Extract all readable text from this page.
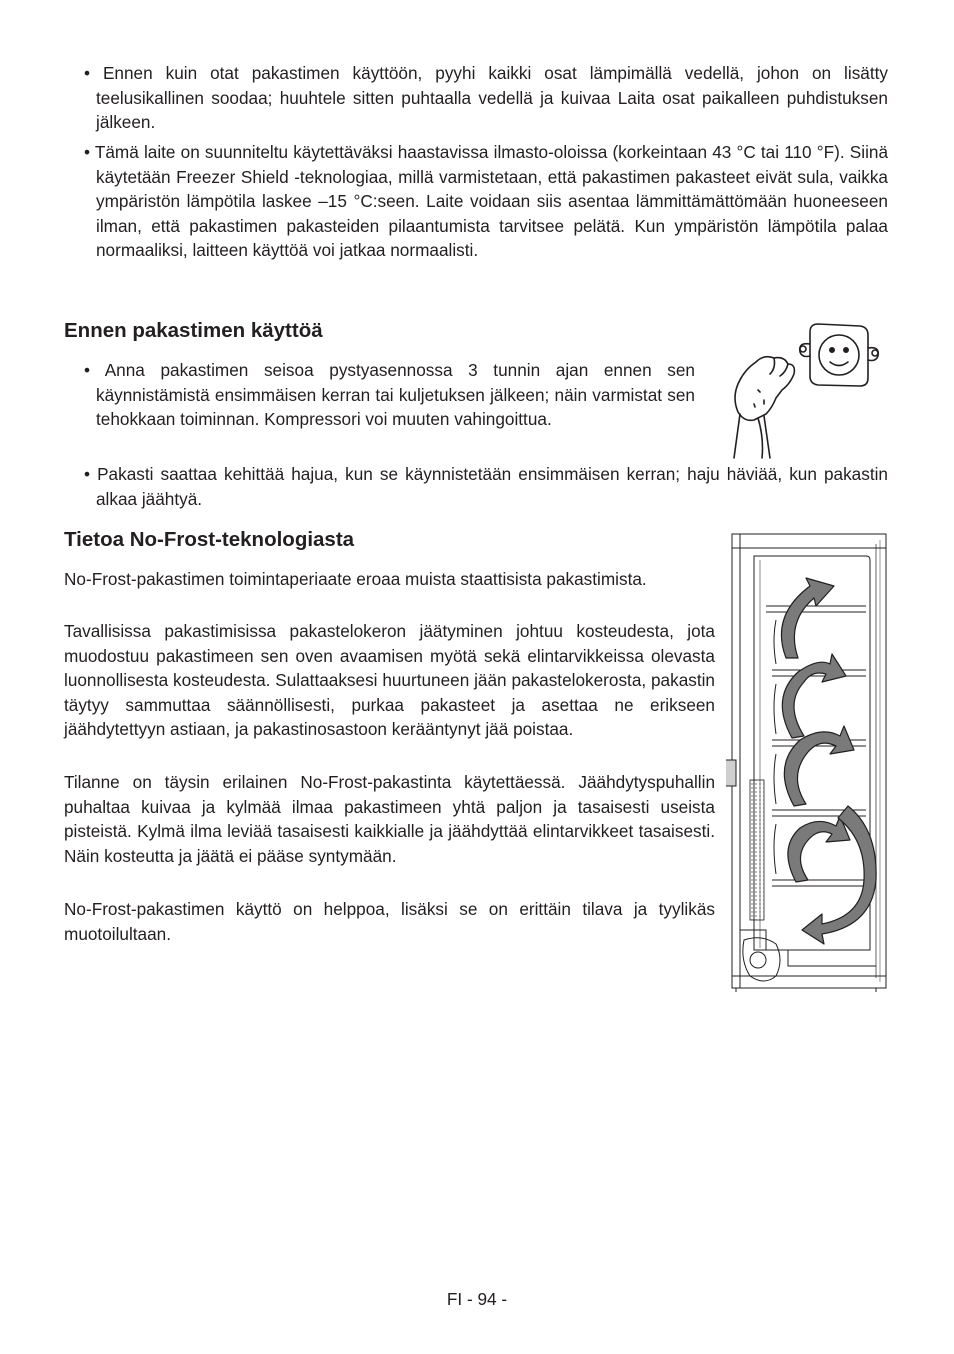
• Ennen kuin otat pakastimen käyttöön, pyyhi kaikki osat lämpimällä vedellä, johon on lisätty teelusikallinen soodaa; huuhtele sitten puhtaalla vedellä ja kuivaa Laita osat paikalleen puhdistuksen jälkeen.

• Tämä laite on suunniteltu käytettäväksi haastavissa ilmasto-oloissa (korkeintaan 43 °C tai 110 °F). Siinä käytetään Freezer Shield -teknologiaa, millä varmistetaan, että pakastimen pakasteet eivät sula, vaikka ympäristön lämpötila laskee –15 °C:seen. Laite voidaan siis asentaa lämmittämättömään huoneeseen ilman, että pakastimen pakasteiden pilaantumista tarvitsee pelätä. Kun ympäristön lämpötila palaa normaaliksi, laitteen käyttöä voi jatkaa normaalisti.

Ennen pakastimen käyttöä

• Anna pakastimen seisoa pystyasennossa 3 tunnin ajan ennen sen käynnistämistä ensimmäisen kerran tai kuljetuksen jälkeen; näin varmistat sen tehokkaan toiminnan. Kompressori voi muuten vahingoittua.

• Pakasti saattaa kehittää hajua, kun se käynnistetään ensimmäisen kerran; haju häviää, kun pakastin alkaa jäähtyä.

Tietoa No-Frost-teknologiasta

No-Frost-pakastimen toimintaperiaate eroaa muista staattisista pakastimista.

Tavallisissa pakastimisissa pakastelokeron jäätyminen johtuu kosteudesta, jota muodostuu pakastimeen sen oven avaamisen myötä sekä elintarvikkeissa olevasta luonnollisesta kosteudesta. Sulattaaksesi huurtuneen jään pakastelokerosta, pakastin täytyy sammuttaa säännöllisesti, purkaa pakasteet ja asettaa ne erikseen jäähdytettyyn astiaan, ja pakastinosastoon kerääntynyt jää poistaa.

Tilanne on täysin erilainen No-Frost-pakastinta käytettäessä. Jäähdytyspuhallin puhaltaa kuivaa ja kylmää ilmaa pakastimeen yhtä paljon ja tasaisesti useista pisteistä. Kylmä ilma leviää tasaisesti kaikkialle ja jäähdyttää elintarvikkeet tasaisesti. Näin kosteutta ja jäätä ei pääse syntymään.

No-Frost-pakastimen käyttö on helppoa, lisäksi se on erittäin tilava ja tyylikäs muotoilultaan.

FI - 94 -
